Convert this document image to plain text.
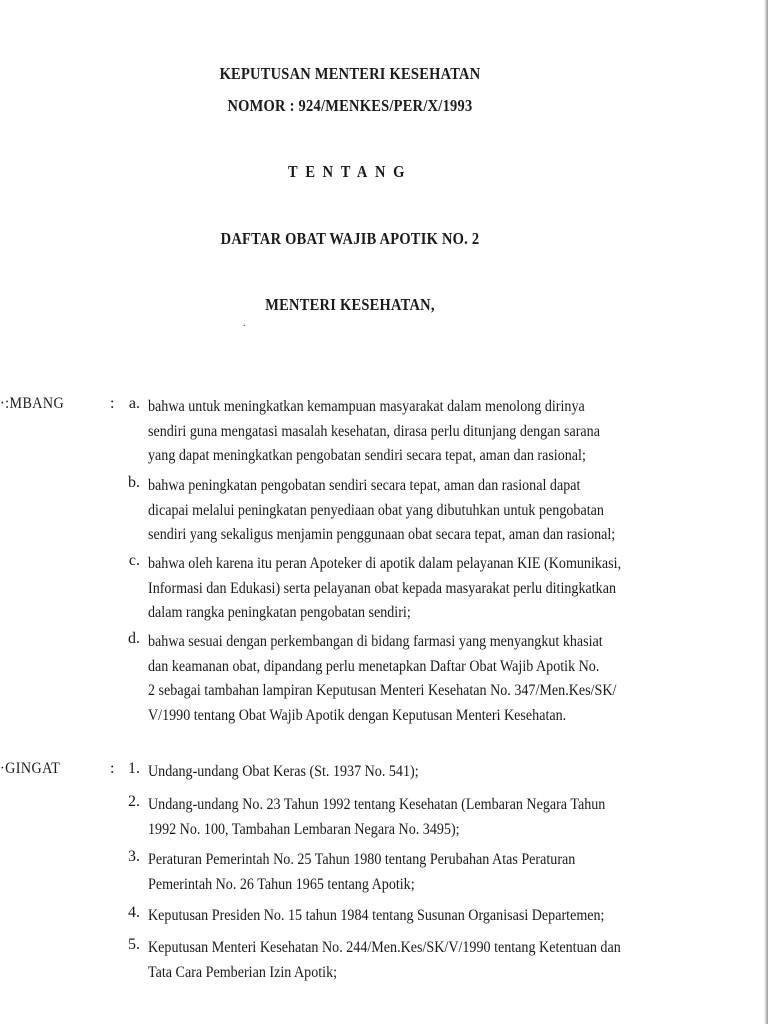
KEPUTUSAN MENTERI KESEHATAN
NOMOR : 924/MENKES/PER/X/1993
TENTANG
DAFTAR OBAT WAJIB APOTIK NO. 2
MENTERI KESEHATAN,
.
·:MBANG	: a. bahwa untuk meningkatkan kemampuan masyarakat dalam menolong dirinya
sendiri guna mengatasi masalah kesehatan, dirasa perlu ditunjang dengan sarana
yang dapat meningkatkan pengobatan sendiri secara tepat, aman dan rasional;
b. bahwa peningkatan pengobatan sendiri secara tepat, aman dan rasional dapat
dicapai melalui peningkatan penyediaan obat yang dibutuhkan untuk pengobatan
sendiri yang sekaligus menjamin penggunaan obat secara tepat, aman dan rasional;
c. bahwa oleh karena itu peran Apoteker di apotik dalam pelayanan KIE (Komunikasi,
Informasi dan Edukasi) serta pelayanan obat kepada masyarakat perlu ditingkatkan
dalam rangka peningkatan pengobatan sendiri;
d. bahwa sesuai dengan perkembangan di bidang farmasi yang menyangkut khasiat
dan keamanan obat, dipandang perlu menetapkan Daftar Obat Wajib Apotik No.
2 sebagai tambahan lampiran Keputusan Menteri Kesehatan No. 347/Men.Kes/SK/
V/1990 tentang Obat Wajib Apotik dengan Keputusan Menteri Kesehatan.
·GINGAT	: 1. Undang-undang Obat Keras (St. 1937 No. 541);
2. Undang-undang No. 23 Tahun 1992 tentang Kesehatan (Lembaran Negara Tahun
1992 No. 100, Tambahan Lembaran Negara No. 3495);
3. Peraturan Pemerintah No. 25 Tahun 1980 tentang Perubahan Atas Peraturan
Pemerintah No. 26 Tahun 1965 tentang Apotik;
4. Keputusan Presiden No. 15 tahun 1984 tentang Susunan Organisasi Departemen;
5. Keputusan Menteri Kesehatan No. 244/Men.Kes/SK/V/1990 tentang Ketentuan dan
Tata Cara Pemberian Izin Apotik;
